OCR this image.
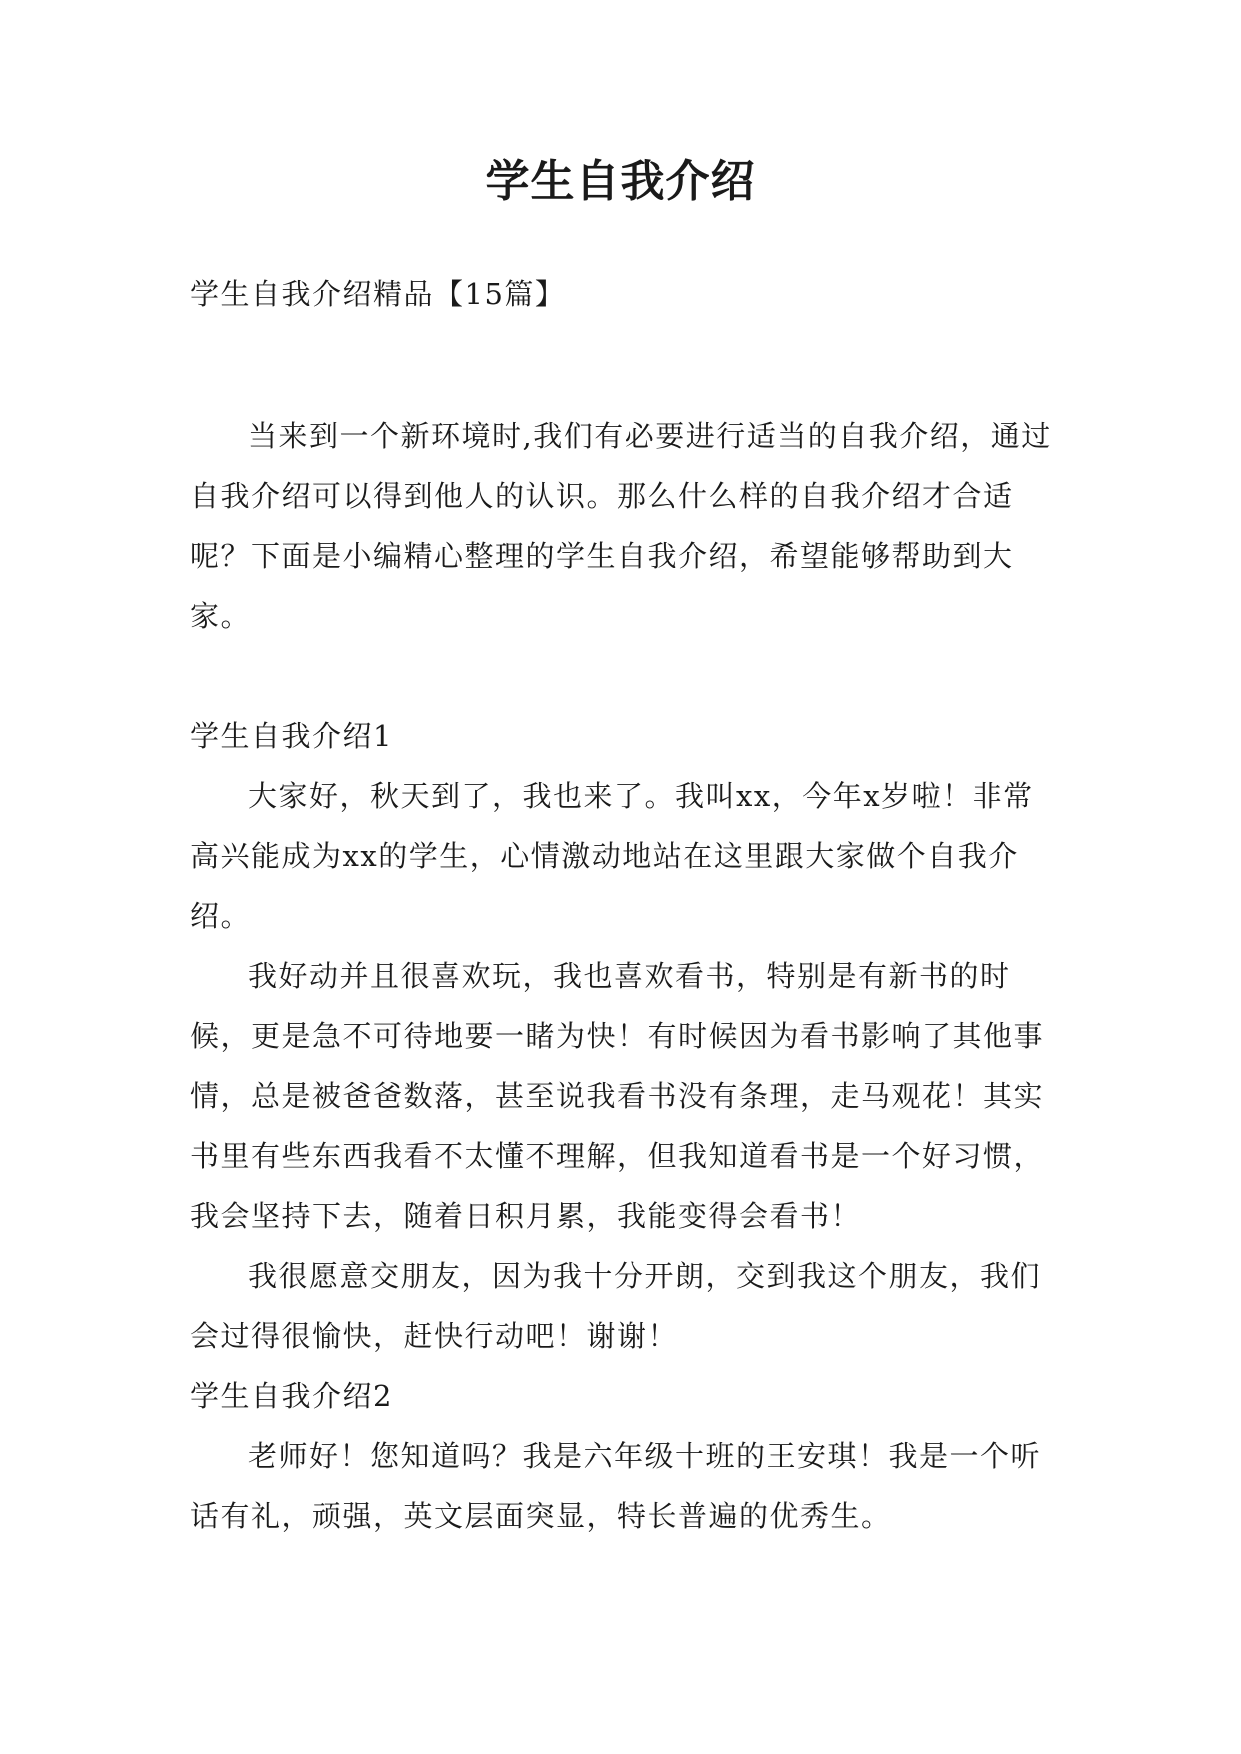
学生自我介绍

学生自我介绍精品【15篇】

当来到一个新环境时,我们有必要进行适当的自我介绍，通过自我介绍可以得到他人的认识。那么什么样的自我介绍才合适呢？下面是小编精心整理的学生自我介绍，希望能够帮助到大家。

学生自我介绍1

大家好，秋天到了，我也来了。我叫xx，今年x岁啦！非常高兴能成为xx的学生，心情激动地站在这里跟大家做个自我介绍。

我好动并且很喜欢玩，我也喜欢看书，特别是有新书的时候，更是急不可待地要一睹为快！有时候因为看书影响了其他事情，总是被爸爸数落，甚至说我看书没有条理，走马观花！其实书里有些东西我看不太懂不理解，但我知道看书是一个好习惯，我会坚持下去，随着日积月累，我能变得会看书！

我很愿意交朋友，因为我十分开朗，交到我这个朋友，我们会过得很愉快，赶快行动吧！谢谢！

学生自我介绍2

老师好！您知道吗？我是六年级十班的王安琪！我是一个听话有礼，顽强，英文层面突显，特长普遍的优秀生。
